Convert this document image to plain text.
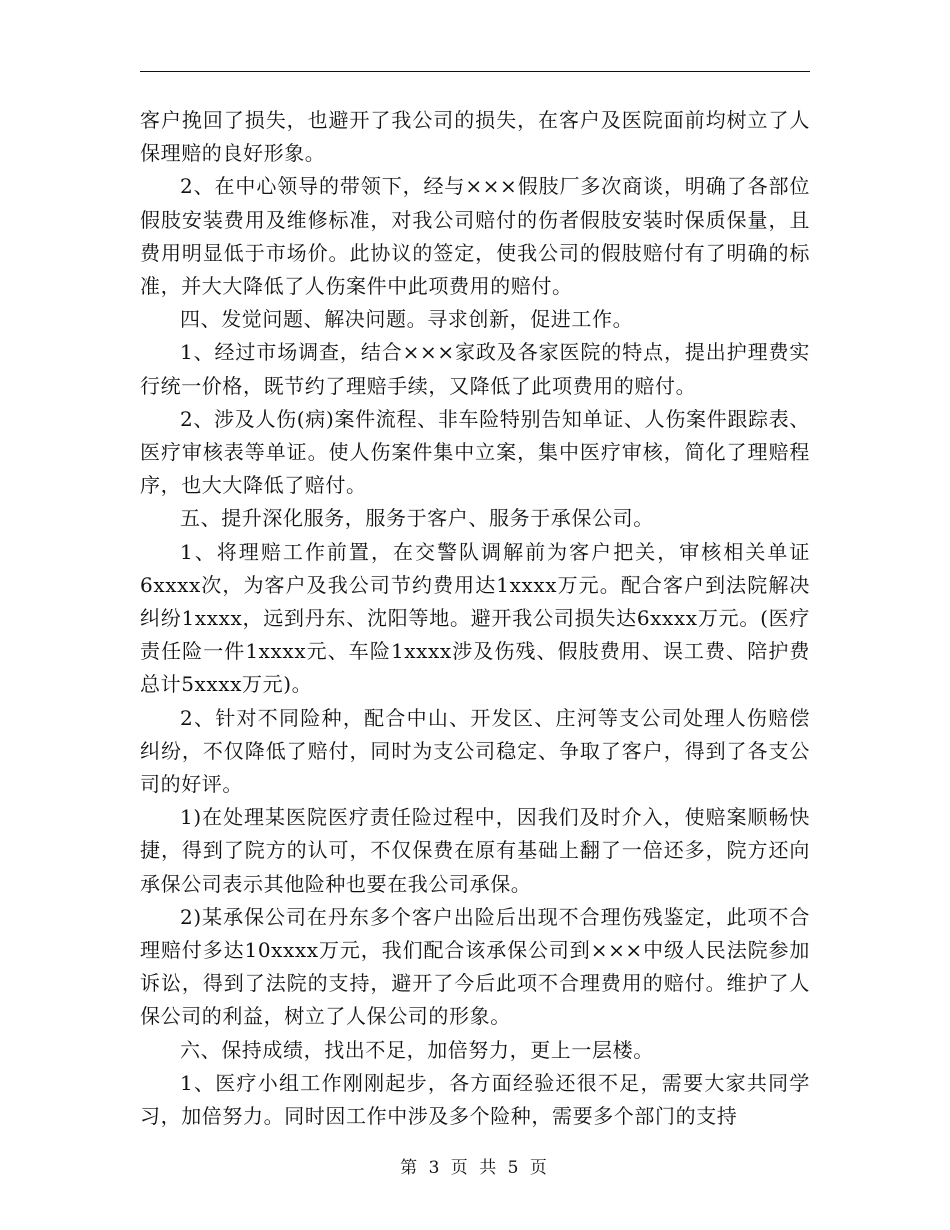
客户挽回了损失，也避开了我公司的损失，在客户及医院面前均树立了人保理赔的良好形象。

2、在中心领导的带领下，经与×××假肢厂多次商谈，明确了各部位假肢安装费用及维修标准，对我公司赔付的伤者假肢安装时保质保量，且费用明显低于市场价。此协议的签定，使我公司的假肢赔付有了明确的标准，并大大降低了人伤案件中此项费用的赔付。

四、发觉问题、解决问题。寻求创新，促进工作。

1、经过市场调查，结合×××家政及各家医院的特点，提出护理费实行统一价格，既节约了理赔手续，又降低了此项费用的赔付。

2、涉及人伤(病)案件流程、非车险特别告知单证、人伤案件跟踪表、医疗审核表等单证。使人伤案件集中立案，集中医疗审核，简化了理赔程序，也大大降低了赔付。

五、提升深化服务，服务于客户、服务于承保公司。

1、将理赔工作前置，在交警队调解前为客户把关，审核相关单证6xxxx次，为客户及我公司节约费用达1xxxx万元。配合客户到法院解决纠纷1xxxx，远到丹东、沈阳等地。避开我公司损失达6xxxx万元。(医疗责任险一件1xxxx元、车险1xxxx涉及伤残、假肢费用、误工费、陪护费总计5xxxx万元)。

2、针对不同险种，配合中山、开发区、庄河等支公司处理人伤赔偿纠纷，不仅降低了赔付，同时为支公司稳定、争取了客户，得到了各支公司的好评。

1)在处理某医院医疗责任险过程中，因我们及时介入，使赔案顺畅快捷，得到了院方的认可，不仅保费在原有基础上翻了一倍还多，院方还向承保公司表示其他险种也要在我公司承保。

2)某承保公司在丹东多个客户出险后出现不合理伤残鉴定，此项不合理赔付多达10xxxx万元，我们配合该承保公司到×××中级人民法院参加诉讼，得到了法院的支持，避开了今后此项不合理费用的赔付。维护了人保公司的利益，树立了人保公司的形象。

六、保持成绩，找出不足，加倍努力，更上一层楼。

1、医疗小组工作刚刚起步，各方面经验还很不足，需要大家共同学习，加倍努力。同时因工作中涉及多个险种，需要多个部门的支持

第 3 页 共 5 页
